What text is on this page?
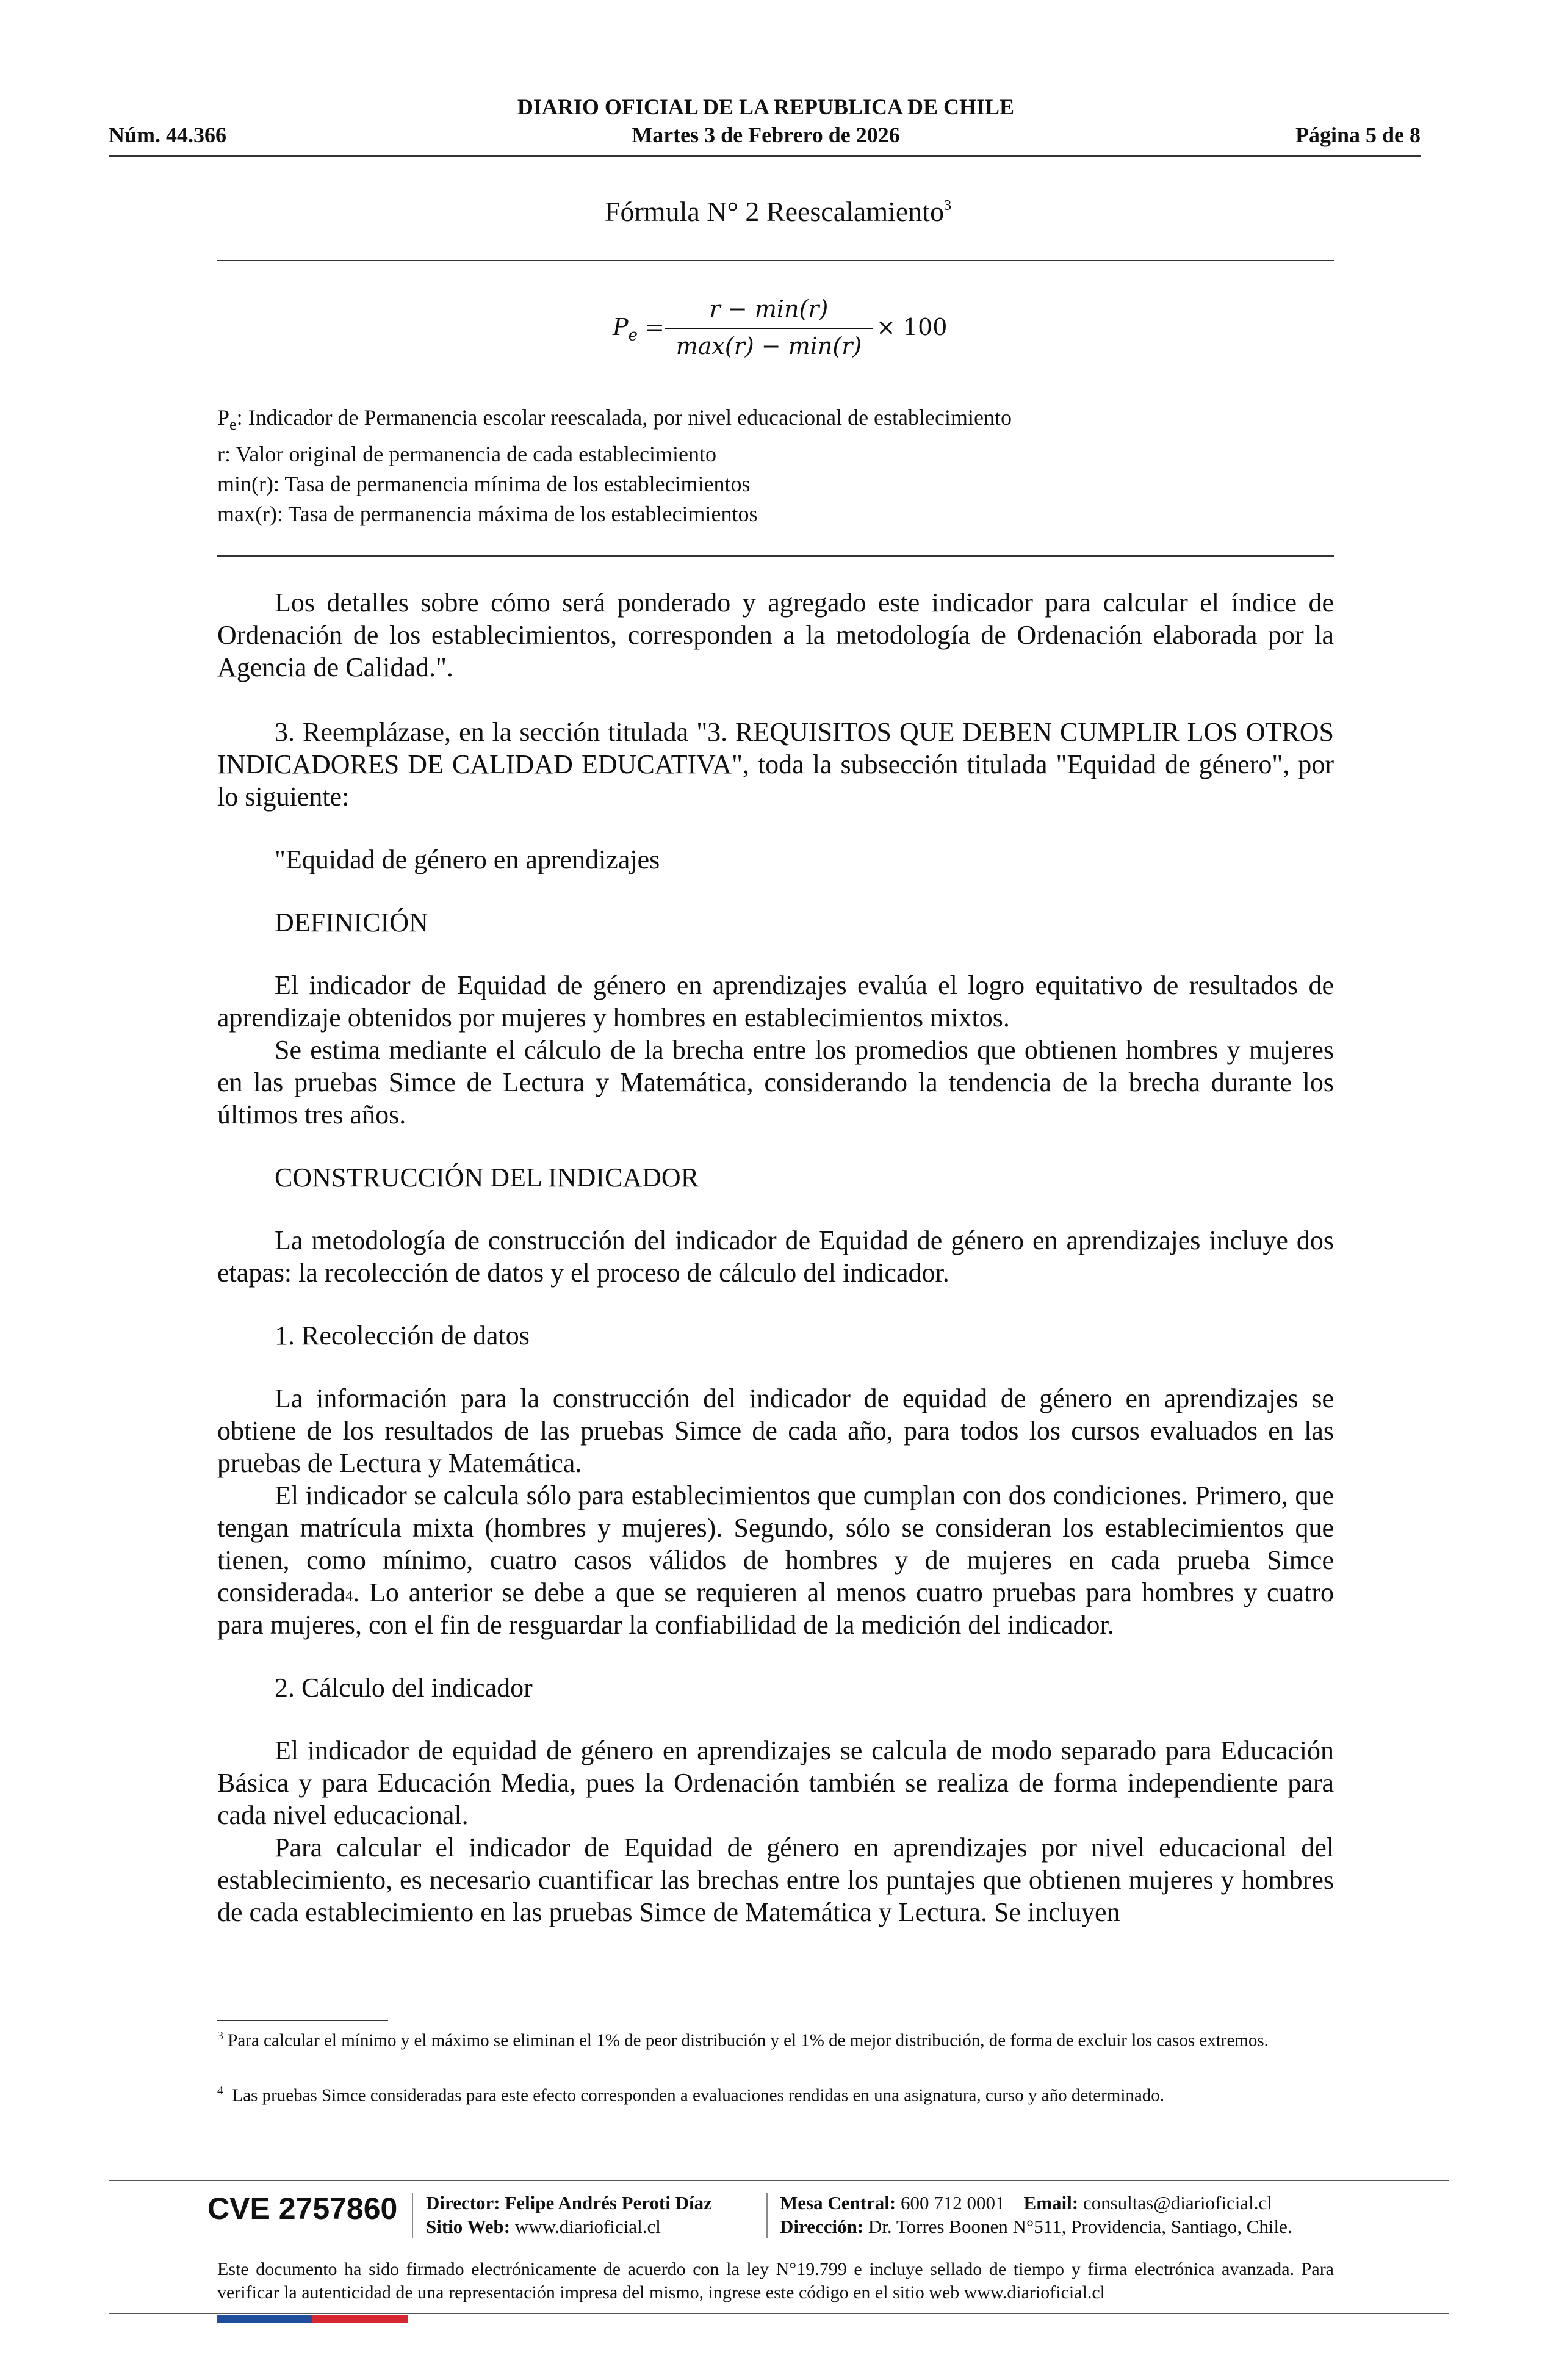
DIARIO OFICIAL DE LA REPUBLICA DE CHILE
Núm. 44.366	Martes 3 de Febrero de 2026	Página 5 de 8
Fórmula N° 2 Reescalamiento$^3$
$P_e$ =
r − min(r)
max(r) − min(r)
× 100
$P_e$: Indicador de Permanencia escolar reescalada, por nivel educacional de establecimiento
r: Valor original de permanencia de cada establecimiento
min(r): Tasa de permanencia mínima de los establecimientos
max(r): Tasa de permanencia máxima de los establecimientos

Los detalles sobre cómo será ponderado y agregado este indicador para calcular el índice de Ordenación de los establecimientos, corresponden a la metodología de Ordenación elaborada por la Agencia de Calidad.".

3. Reemplázase, en la sección titulada "3. REQUISITOS QUE DEBEN CUMPLIR LOS OTROS INDICADORES DE CALIDAD EDUCATIVA", toda la subsección titulada "Equidad de género", por lo siguiente:

"Equidad de género en aprendizajes

DEFINICIÓN

El indicador de Equidad de género en aprendizajes evalúa el logro equitativo de resultados de aprendizaje obtenidos por mujeres y hombres en establecimientos mixtos.

Se estima mediante el cálculo de la brecha entre los promedios que obtienen hombres y mujeres en las pruebas Simce de Lectura y Matemática, considerando la tendencia de la brecha durante los últimos tres años.

CONSTRUCCIÓN DEL INDICADOR

La metodología de construcción del indicador de Equidad de género en aprendizajes incluye dos etapas: la recolección de datos y el proceso de cálculo del indicador.

1. Recolección de datos

La información para la construcción del indicador de equidad de género en aprendizajes se obtiene de los resultados de las pruebas Simce de cada año, para todos los cursos evaluados en las pruebas de Lectura y Matemática.

El indicador se calcula sólo para establecimientos que cumplan con dos condiciones. Primero, que tengan matrícula mixta (hombres y mujeres). Segundo, sólo se consideran los establecimientos que tienen, como mínimo, cuatro casos válidos de hombres y de mujeres en cada prueba Simce considerada$^4$. Lo anterior se debe a que se requieren al menos cuatro pruebas para hombres y cuatro para mujeres, con el fin de resguardar la confiabilidad de la medición del indicador.

2. Cálculo del indicador

El indicador de equidad de género en aprendizajes se calcula de modo separado para Educación Básica y para Educación Media, pues la Ordenación también se realiza de forma independiente para cada nivel educacional.

Para calcular el indicador de Equidad de género en aprendizajes por nivel educacional del establecimiento, es necesario cuantificar las brechas entre los puntajes que obtienen mujeres y hombres de cada establecimiento en las pruebas Simce de Matemática y Lectura. Se incluyen

$^3$ Para calcular el mínimo y el máximo se eliminan el 1% de peor distribución y el 1% de mejor distribución, de forma de excluir los casos extremos.
$^4$ Las pruebas Simce consideradas para este efecto corresponden a evaluaciones rendidas en una asignatura, curso y año determinado.
CVE 2757860 Director: Felipe Andrés Peroti Díaz
Sitio Web: www.diarioficial.cl
Mesa Central: 600 712 0001 Email: consultas@diarioficial.cl
Dirección: Dr. Torres Boonen N°511, Providencia, Santiago, Chile.
Este documento ha sido firmado electrónicamente de acuerdo con la ley N°19.799 e incluye sellado de tiempo y firma electrónica avanzada. Para verificar la autenticidad de una representación impresa del mismo, ingrese este código en el sitio web www.diarioficial.cl
